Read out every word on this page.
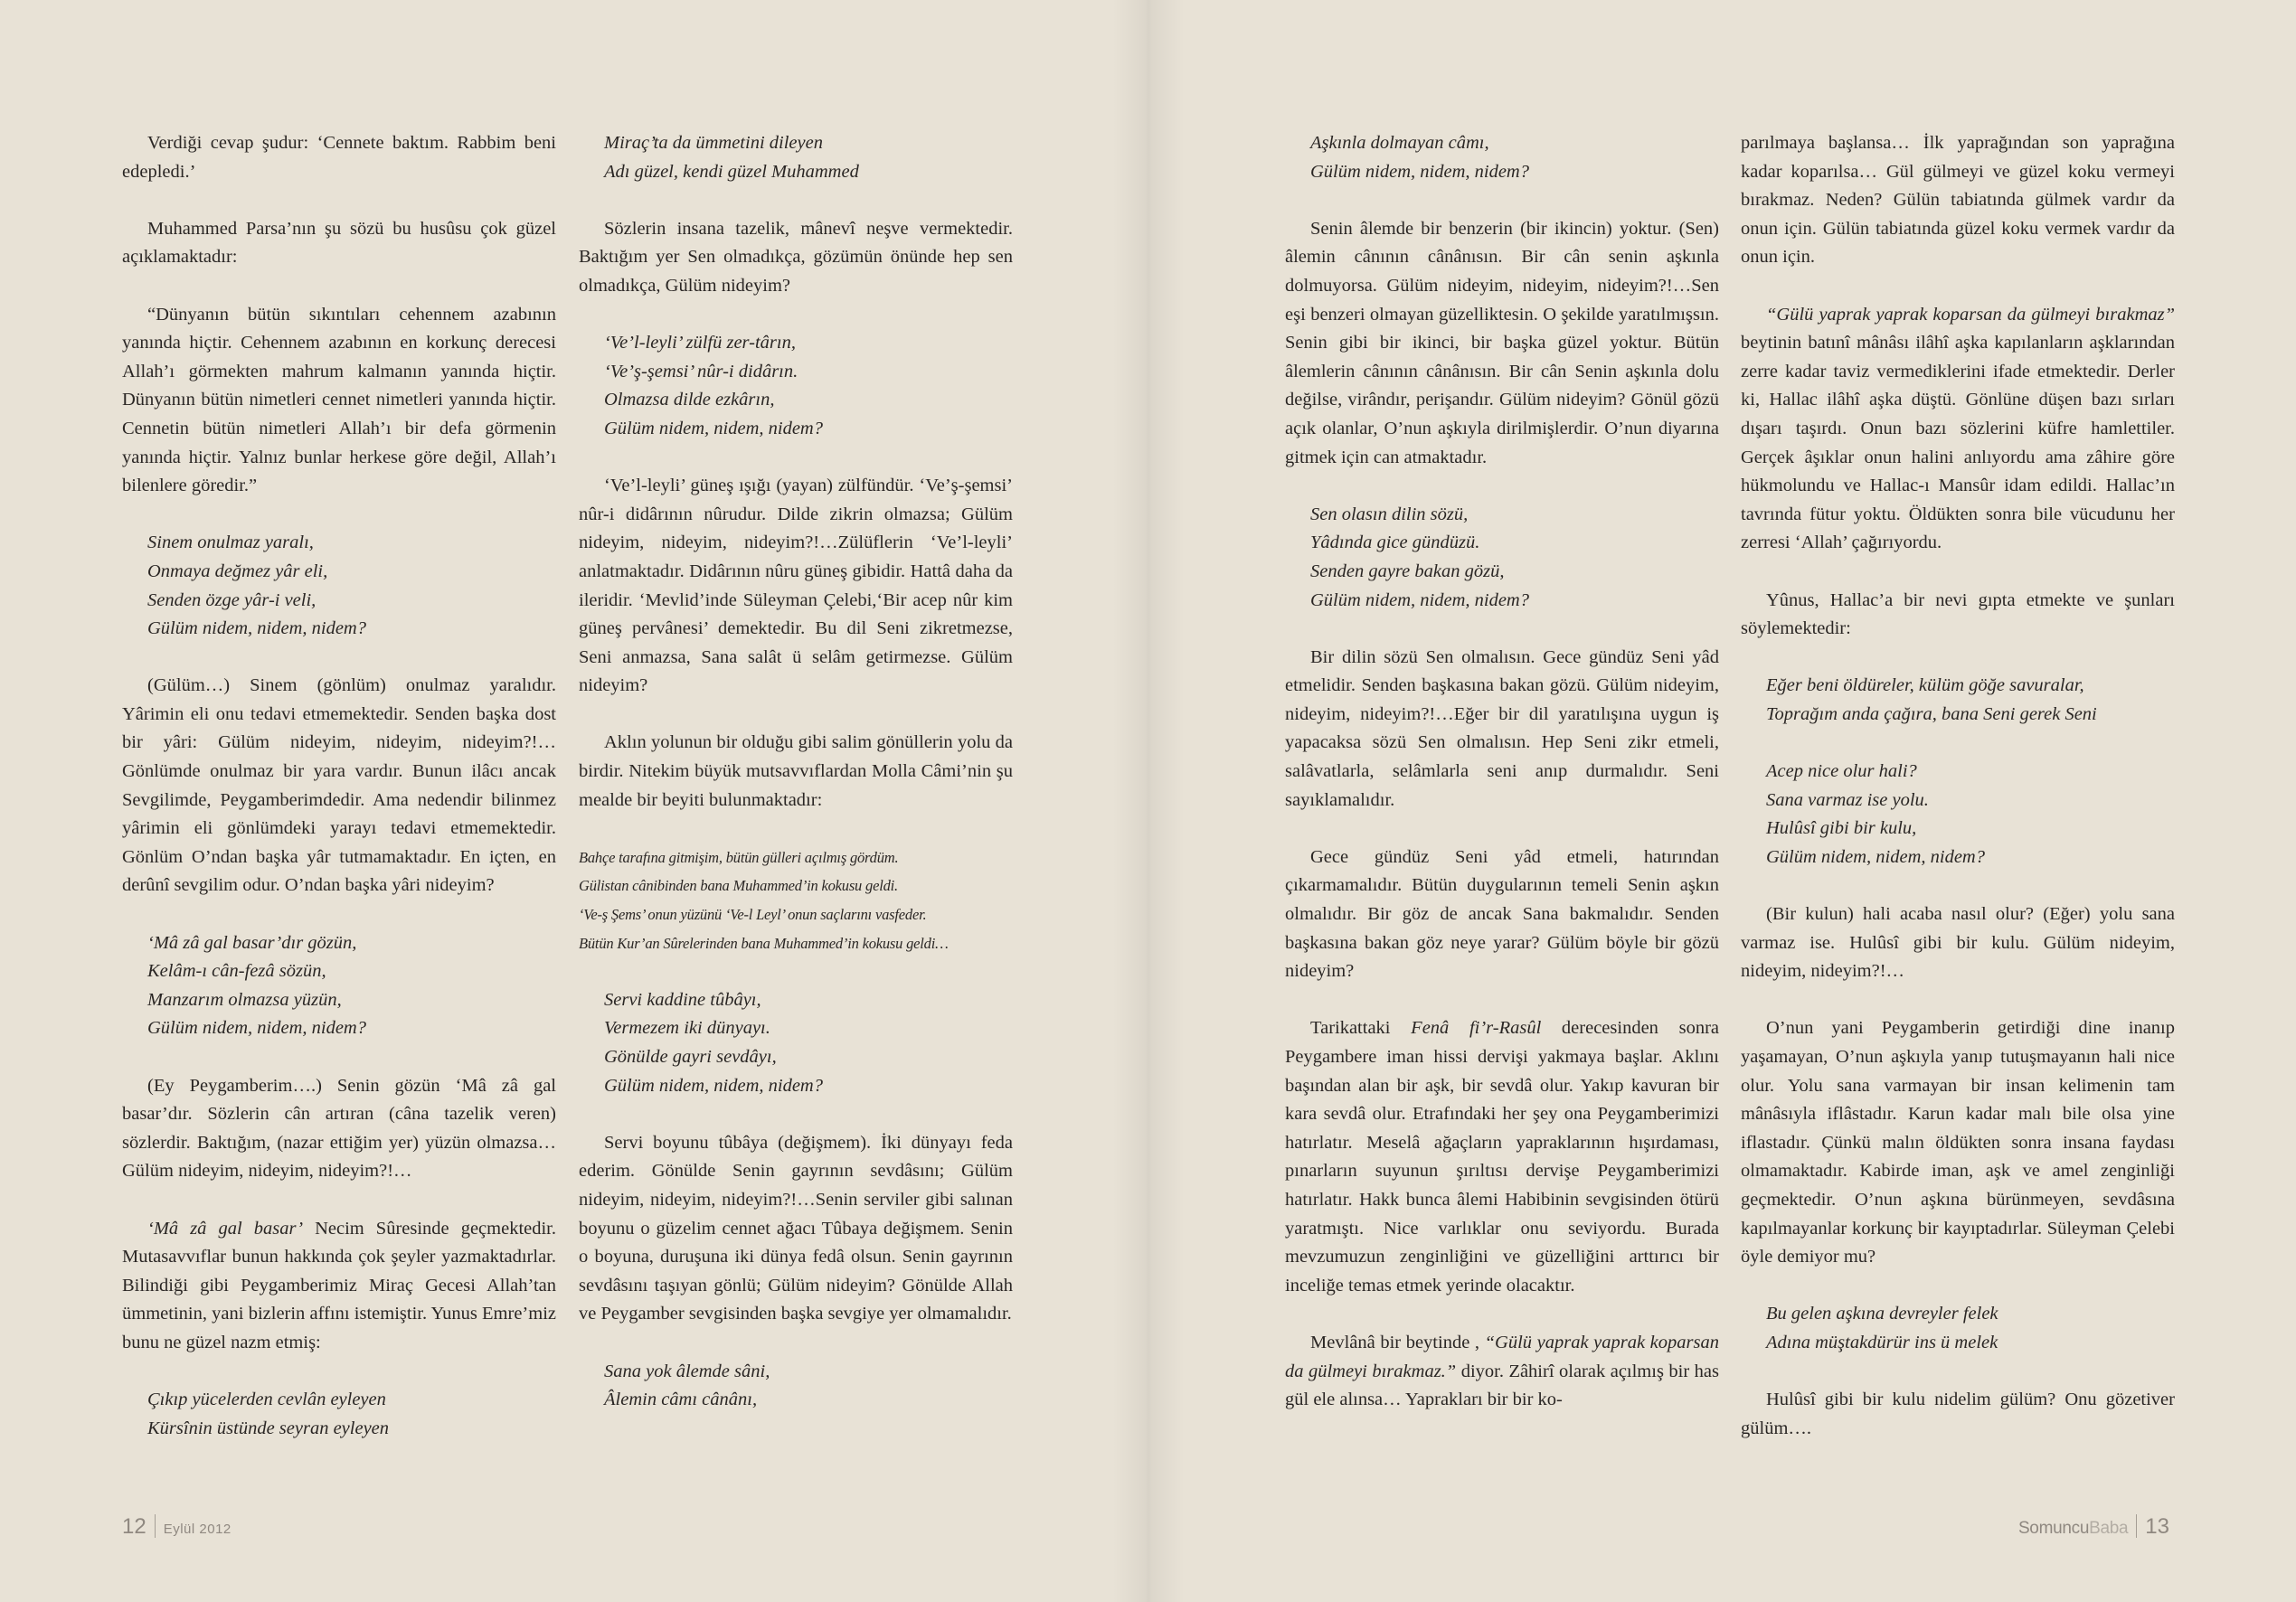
Verdiği cevap şudur: ‘Cennete baktım. Rabbim beni edepledi.’

Muhammed Parsa’nın şu sözü bu husûsu çok güzel açıklamaktadır:

“Dünyanın bütün sıkıntıları cehennem azabının yanında hiçtir. Cehennem azabının en korkunç derecesi Allah’ı görmekten mahrum kalmanın yanında hiçtir. Dünyanın bütün nimetleri cennet nimetleri yanında hiçtir. Cennetin bütün nimetleri Allah’ı bir defa görmenin yanında hiçtir. Yalnız bunlar herkese göre değil, Allah’ı bilenlere göredir.”

Sinem onulmaz yaralı,
Onmaya değmez yâr eli,
Senden özge yâr-i veli,
Gülüm nidem, nidem, nidem?

(Gülüm…) Sinem (gönlüm) onulmaz yaralıdır. Yârimin eli onu tedavi etmemektedir. Senden başka dost bir yâri: Gülüm nideyim, nideyim, nideyim?!… Gönlümde onulmaz bir yara vardır. Bunun ilâcı ancak Sevgilimde, Peygamberimdedir. Ama nedendir bilinmez yârimin eli gönlümdeki yarayı tedavi etmemektedir. Gönlüm O’ndan başka yâr tutmamaktadır. En içten, en derûnî sevgilim odur. O’ndan başka yâri nideyim?

‘Mâ zâ gal basar’dır gözün,
Kelâm-ı cân-fezâ sözün,
Manzarım olmazsa yüzün,
Gülüm nidem, nidem, nidem?

(Ey Peygamberim….) Senin gözün ‘Mâ zâ gal basar’dır. Sözlerin cân artıran (câna tazelik veren) sözlerdir. Baktığım, (nazar ettiğim yer) yüzün olmazsa… Gülüm nideyim, nideyim, nideyim?!…

‘Mâ zâ gal basar’ Necim Sûresinde geçmektedir. Mutasavvıflar bunun hakkında çok şeyler yazmaktadırlar. Bilindiği gibi Peygamberimiz Miraç Gecesi Allah’tan ümmetinin, yani bizlerin affını istemiştir. Yunus Emre’miz bunu ne güzel nazm etmiş:

Çıkıp yücelerden cevlân eyleyen
Kürsînin üstünde seyran eyleyen
Miraç’ta da ümmetini dileyen
Adı güzel, kendi güzel Muhammed

Sözlerin insana tazelik, mânevî neşve vermektedir. Baktığım yer Sen olmadıkça, gözümün önünde hep sen olmadıkça, Gülüm nideyim?

‘Ve’l-leyli’ zülfü zer-târın,
‘Ve’ş-şemsi’ nûr-i didârın.
Olmazsa dilde ezkârın,
Gülüm nidem, nidem, nidem?

‘Ve’l-leyli’ güneş ışığı (yayan) zülfündür. ‘Ve’ş-şemsi’ nûr-i didârının nûrudur. Dilde zikrin olmazsa; Gülüm nideyim, nideyim, nideyim?!…Zülüflerin ‘Ve’l-leyli’ anlatmaktadır. Didârının nûru güneş gibidir. Hattâ daha da ileridir. ‘Mevlid’inde Süleyman Çelebi,‘Bir acep nûr kim güneş pervânesi’ demektedir. Bu dil Seni zikretmezse, Seni anmazsa, Sana salât ü selâm getirmezse. Gülüm nideyim?

Aklın yolunun bir olduğu gibi salim gönüllerin yolu da birdir. Nitekim büyük mutsavvıflardan Molla Câmi’nin şu mealde bir beyiti bulunmaktadır:

Bahçe tarafına gitmişim, bütün gülleri açılmış gördüm.
Gülistan cânibinden bana Muhammed’in kokusu geldi.
‘Ve-ş Şems’ onun yüzünü ‘Ve-l Leyl’ onun saçlarını vasfeder.
Bütün Kur’an Sûrelerinden bana Muhammed’in kokusu geldi…
Servi kaddine tûbâyı,
Vermezem iki dünyayı.
Gönülde gayri sevdâyı,
Gülüm nidem, nidem, nidem?

Servi boyunu tûbâya (değişmem). İki dünyayı feda ederim. Gönülde Senin gayrının sevdâsını; Gülüm nideyim, nideyim, nideyim?!…Senin serviler gibi salınan boyunu o güzelim cennet ağacı Tûbaya değişmem. Senin o boyuna, duruşuna iki dünya fedâ olsun. Senin gayrının sevdâsını taşıyan gönlü; Gülüm nideyim? Gönülde Allah ve Peygamber sevgisinden başka sevgiye yer olmamalıdır.

Sana yok âlemde sâni,
Âlemin câmı cânânı,
Aşkınla dolmayan câmı,
Gülüm nidem, nidem, nidem?

Senin âlemde bir benzerin (bir ikincin) yoktur. (Sen) âlemin cânının cânânısın. Bir cân senin aşkınla dolmuyorsa. Gülüm nideyim, nideyim, nideyim?!…Sen eşi benzeri olmayan güzelliktesin. O şekilde yaratılmışsın. Senin gibi bir ikinci, bir başka güzel yoktur. Bütün âlemlerin cânının cânânısın. Bir cân Senin aşkınla dolu değilse, virândır, perişandır. Gülüm nideyim? Gönül gözü açık olanlar, O’nun aşkıyla dirilmişlerdir. O’nun diyarına gitmek için can atmaktadır.

Sen olasın dilin sözü,
Yâdında gice gündüzü.
Senden gayre bakan gözü,
Gülüm nidem, nidem, nidem?

Bir dilin sözü Sen olmalısın. Gece gündüz Seni yâd etmelidir. Senden başkasına bakan gözü. Gülüm nideyim, nideyim, nideyim?!…Eğer bir dil yaratılışına uygun iş yapacaksa sözü Sen olmalısın. Hep Seni zikr etmeli, salâvatlarla, selâmlarla seni anıp durmalıdır. Seni sayıklamalıdır.

Gece gündüz Seni yâd etmeli, hatırından çıkarmamalıdır. Bütün duygularının temeli Senin aşkın olmalıdır. Bir göz de ancak Sana bakmalıdır. Senden başkasına bakan göz neye yarar? Gülüm böyle bir gözü nideyim?

Tarikattaki Fenâ fi’r-Rasûl derecesinden sonra Peygambere iman hissi dervişi yakmaya başlar. Aklını başından alan bir aşk, bir sevdâ olur. Yakıp kavuran bir kara sevdâ olur. Etrafındaki her şey ona Peygamberimizi hatırlatır. Meselâ ağaçların yapraklarının hışırdaması, pınarların suyunun şırıltısı dervişe Peygamberimizi hatırlatır. Hakk bunca âlemi Habibinin sevgisinden ötürü yaratmıştı. Nice varlıklar onu seviyordu. Burada mevzumuzun zenginliğini ve güzelliğini arttırıcı bir inceliğe temas etmek yerinde olacaktır.

Mevlânâ bir beytinde , “Gülü yaprak yaprak koparsan da gülmeyi bırakmaz.” diyor. Zâhirî olarak açılmış bir has gül ele alınsa… Yaprakları bir bir ko-

parılmaya başlansa… İlk yaprağından son yaprağına kadar koparılsa… Gül gülmeyi ve güzel koku vermeyi bırakmaz. Neden? Gülün tabiatında gülmek vardır da onun için. Gülün tabiatında güzel koku vermek vardır da onun için.

“Gülü yaprak yaprak koparsan da gülmeyi bırakmaz” beytinin batınî mânâsı ilâhî aşka kapılanların aşklarından zerre kadar taviz vermediklerini ifade etmektedir. Derler ki, Hallac ilâhî aşka düştü. Gönlüne düşen bazı sırları dışarı taşırdı. Onun bazı sözlerini küfre hamlettiler. Gerçek âşıklar onun halini anlıyordu ama zâhire göre hükmolundu ve Hallac-ı Mansûr idam edildi. Hallac’ın tavrında fütur yoktu. Öldükten sonra bile vücudunu her zerresi ‘Allah’ çağırıyordu.

Yûnus, Hallac’a bir nevi gıpta etmekte ve şunları söylemektedir:

Eğer beni öldüreler, külüm göğe savuralar,
Toprağım anda çağıra, bana Seni gerek Seni
Acep nice olur hali?
Sana varmaz ise yolu.
Hulûsî gibi bir kulu,
Gülüm nidem, nidem, nidem?

(Bir kulun) hali acaba nasıl olur? (Eğer) yolu sana varmaz ise. Hulûsî gibi bir kulu. Gülüm nideyim, nideyim, nideyim?!…

O’nun yani Peygamberin getirdiği dine inanıp yaşamayan, O’nun aşkıyla yanıp tutuşmayanın hali nice olur. Yolu sana varmayan bir insan kelimenin tam mânâsıyla iflâstadır. Karun kadar malı bile olsa yine iflastadır. Çünkü malın öldükten sonra insana faydası olmamaktadır. Kabirde iman, aşk ve amel zenginliği geçmektedir. O’nun aşkına bürünmeyen, sevdâsına kapılmayanlar korkunç bir kayıptadırlar. Süleyman Çelebi öyle demiyor mu?

Bu gelen aşkına devreyler felek
Adına müştakdürür ins ü melek

Hulûsî gibi bir kulu nidelim gülüm? Onu gözetiver gülüm….

12 Eylül 2012	SomuncuBaba 13
